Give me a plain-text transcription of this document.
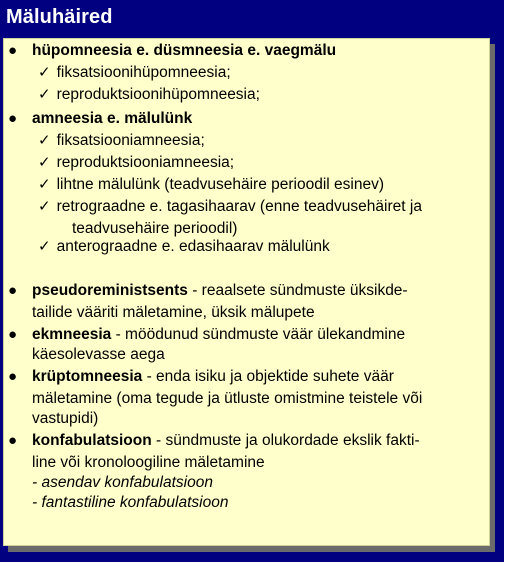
Mäluhäired
● hüpomneesia e. düsmneesia e. vaegmälu
✓ fiksatsioonihüpomneesia;
✓ reproduktsioonihüpomneesia;
● amneesia e. mälulünk
✓ fiksatsiooniamneesia;
✓ reproduktsiooniamneesia;
✓ lihtne mälulünk (teadvusehäire perioodil esinev)
✓ retrograadne e. tagasihaarav (enne teadvusehäiret ja
teadvusehäire perioodil)
✓ anterograadne e. edasihaarav mälulünk
● pseudoreministsents - reaalsete sündmuste üksikde-
tailide vääriti mäletamine, üksik mälupete
● ekmneesia - möödunud sündmuste väär ülekandmine
käesolevasse aega
● krüptomneesia - enda isiku ja objektide suhete väär
mäletamine (oma tegude ja ütluste omistmine teistele või
vastupidi)
● konfabulatsioon - sündmuste ja olukordade ekslik fakti-
line või kronoloogiline mäletamine
- asendav konfabulatsioon
- fantastiline konfabulatsioon
